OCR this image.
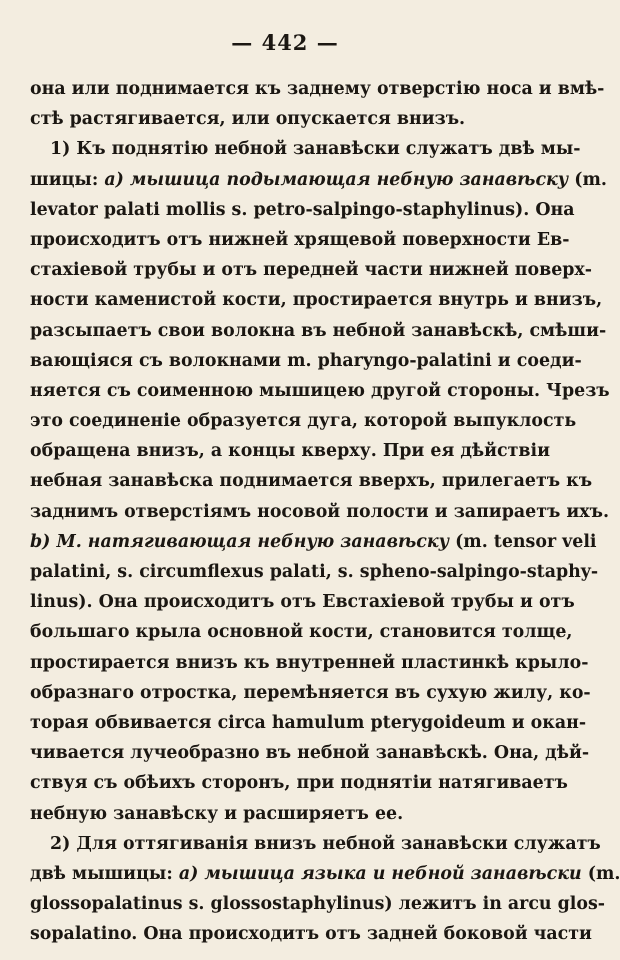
— 442 —
она или поднимается къ заднему отверстію носа и вмѣ-
стѣ растягивается, или опускается внизъ.
1) Къ поднятію небной занавѣски служатъ двѣ мы-
шицы: a) мышица подымающая небную занавѣску (m.
levator palati mollis s. petro-salpingo-staphylinus). Она
происходитъ отъ нижней хрящевой поверхности Ев-
стахіевой трубы и отъ передней части нижней поверх-
ности каменистой кости, простирается внутрь и внизъ,
разсыпаетъ свои волокна въ небной занавѣскѣ, смѣши-
вающіяся съ волокнами m. pharyngo-palatini и соеди-
няется съ соименною мышицею другой стороны. Чрезъ
это соединеніе образуется дуга, которой выпуклость
обращена внизъ, а концы кверху. При ея дѣйствіи
небная занавѣска поднимается вверхъ, прилегаетъ къ
заднимъ отверстіямъ носовой полости и запираетъ ихъ.
b) M. натягивающая небную занавѣску (m. tensor veli
palatini, s. circumflexus palati, s. spheno-salpingo-staphy-
linus). Она происходитъ отъ Евстахіевой трубы и отъ
большаго крыла основной кости, становится толще,
простирается внизъ къ внутренней пластинкѣ крыло-
образнаго отростка, перемѣняется въ сухую жилу, ко-
торая обвивается circa hamulum pterygoideum и окан-
чивается лучеобразно въ небной занавѣскѣ. Она, дѣй-
ствуя съ обѣихъ сторонъ, при поднятіи натягиваетъ
небную занавѣску и расширяетъ ее.
2) Для оттягиванія внизъ небной занавѣски служатъ
двѣ мышицы: a) мышица языка и небной занавѣски (m.
glossopalatinus s. glossostaphylinus) лежитъ in arcu glos-
sopalatino. Она происходитъ отъ задней боковой части
